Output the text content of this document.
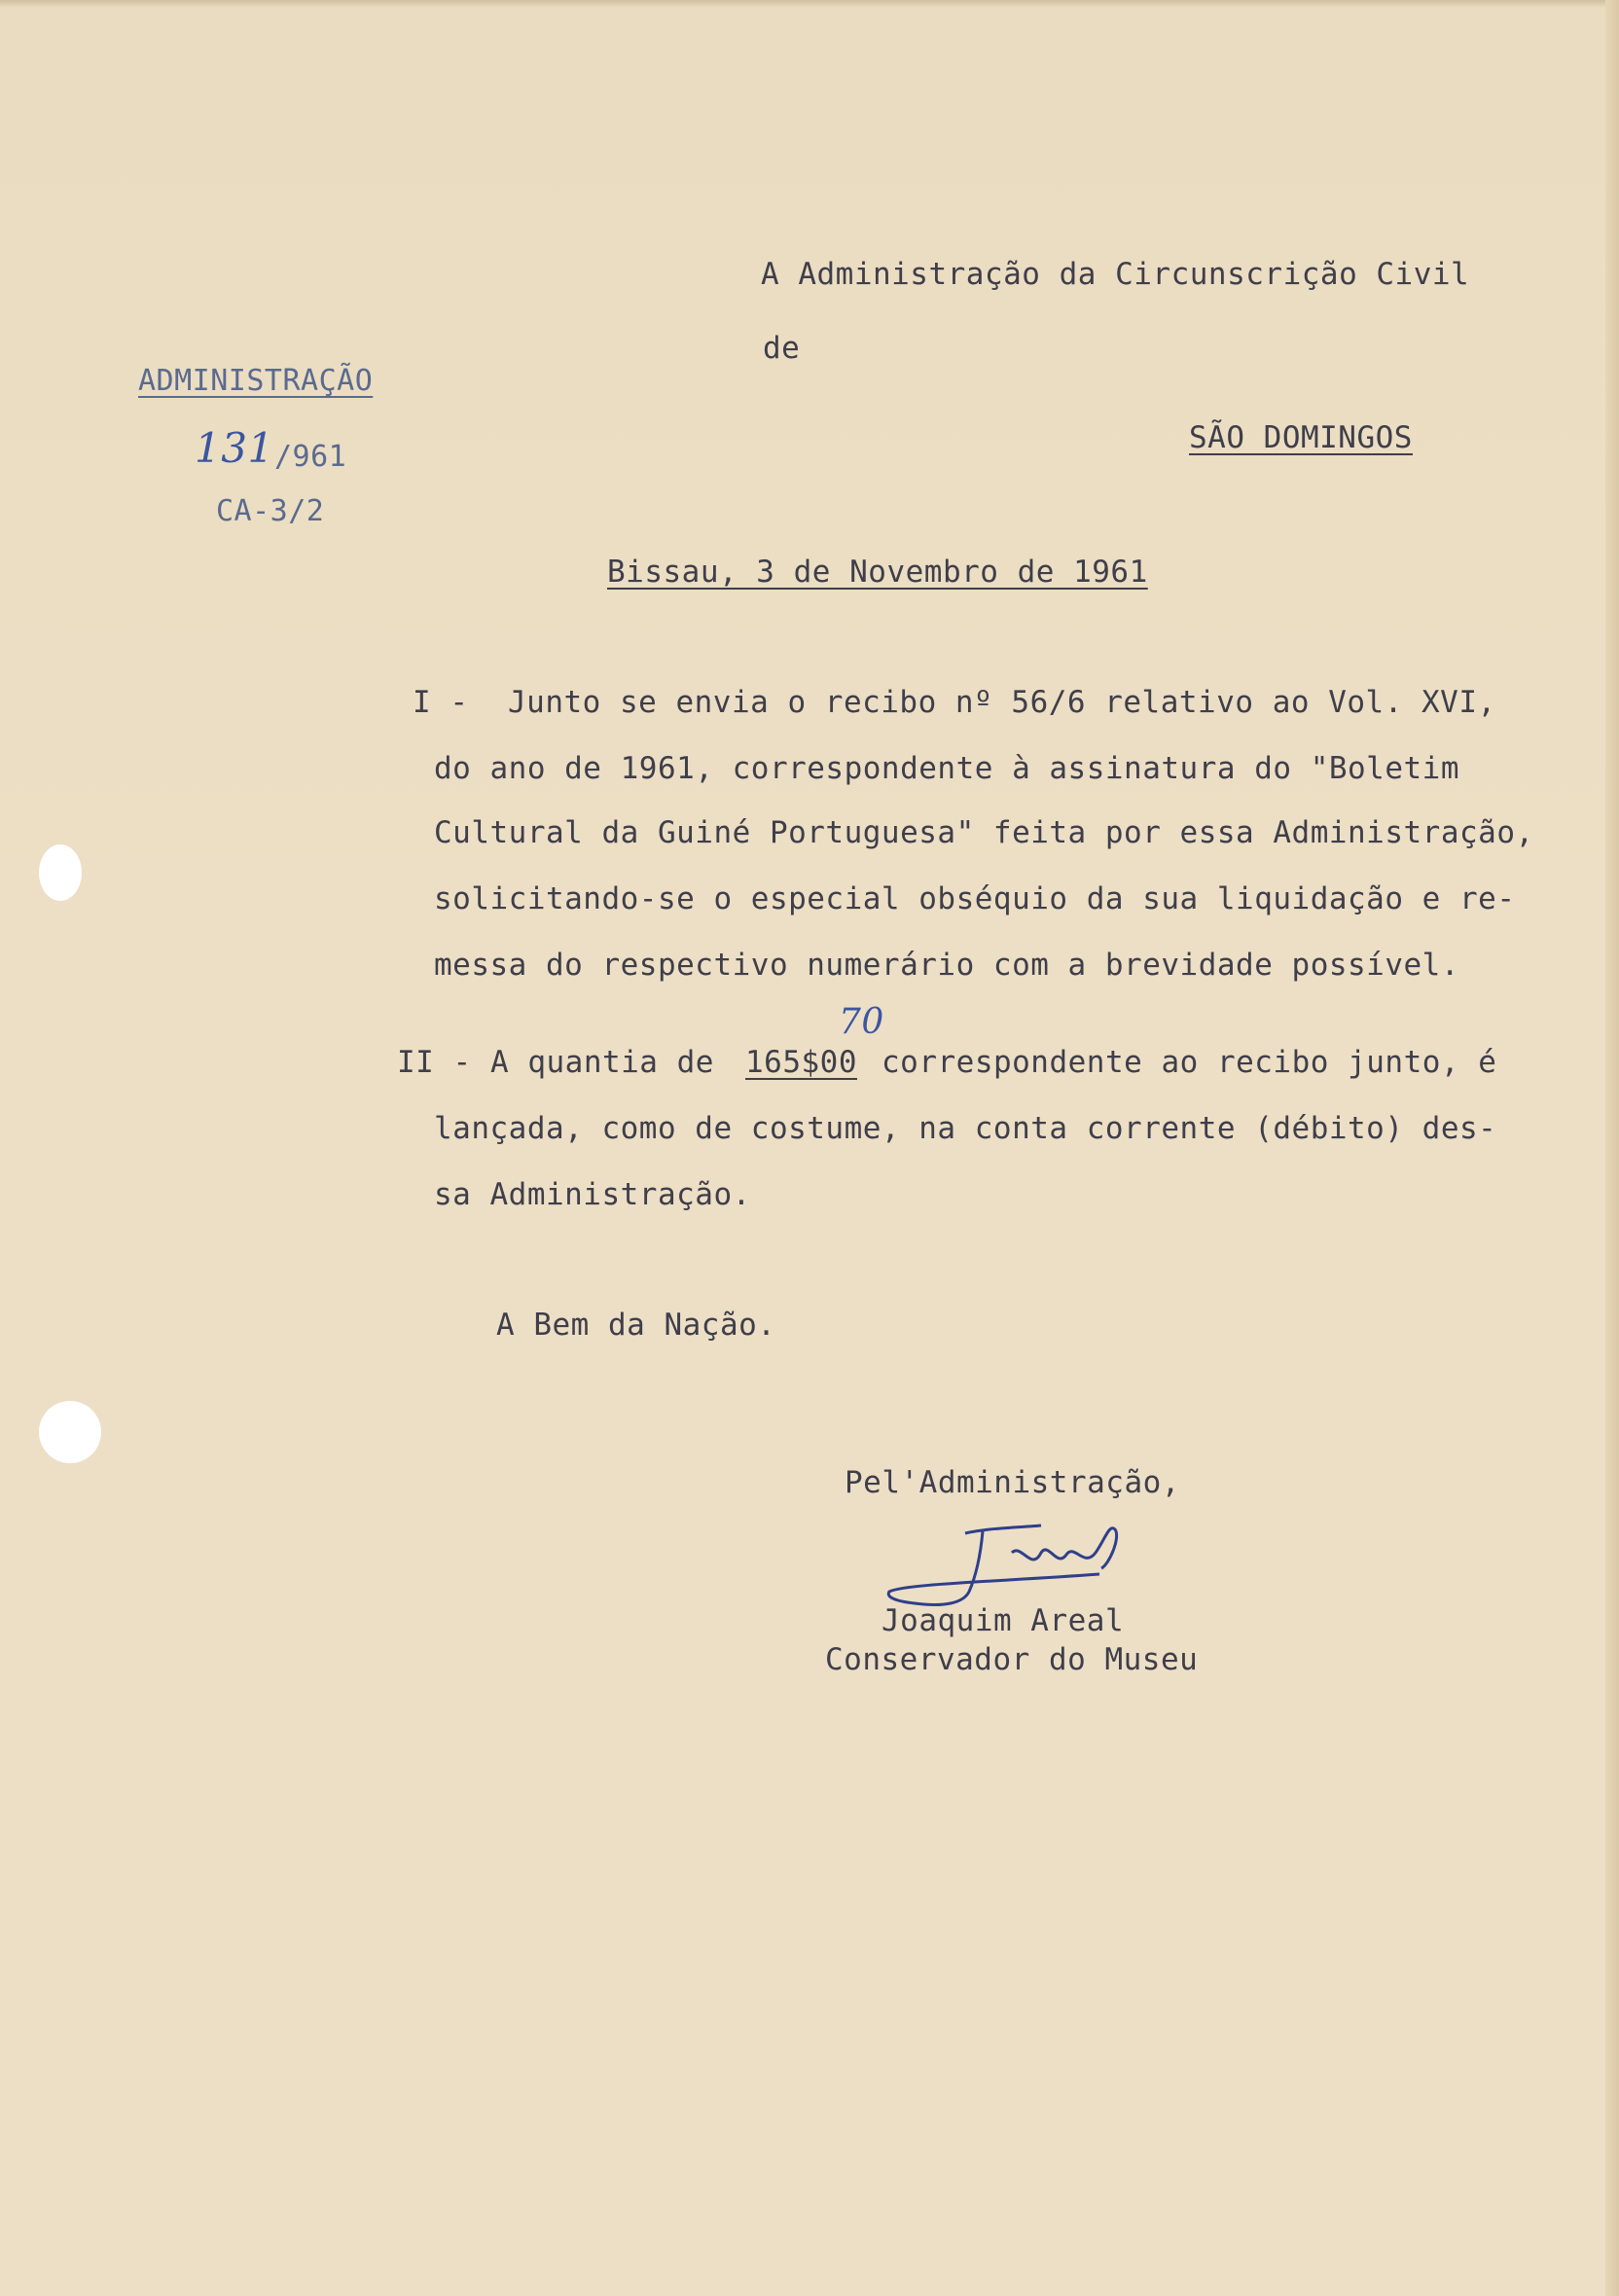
A Administração da Circunscrição Civil
de
SÃO DOMINGOS
ADMINISTRAÇÃO
131 /961
CA-3/2
Bissau, 3 de Novembro de 1961
I - Junto se envia o recibo nº 56/6 relativo ao Vol. XVI,
do ano de 1961, correspondente à assinatura do "Boletim
Cultural da Guiné Portuguesa" feita por essa Administração,
solicitando-se o especial obséquio da sua liquidação e re-
messa do respectivo numerário com a brevidade possível.
II - A quantia de 165$00
70
correspondente ao recibo junto, é
lançada, como de costume, na conta corrente (débito) des-
sa Administração.
A Bem da Nação.
Pel'Administração,
Joaquim Areal
Conservador do Museu
